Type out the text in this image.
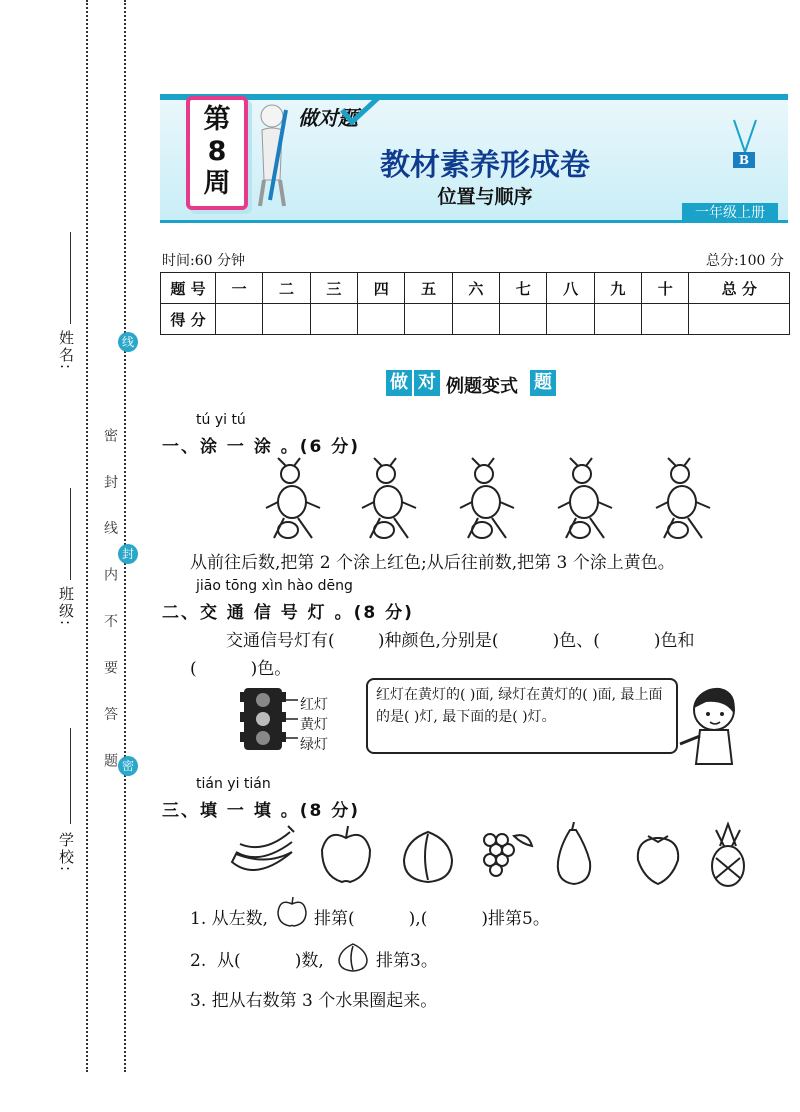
姓名:
班级:
学校:
线
封
密
密 封 线 内 不 要 答 题
第
8
周
做对题
教材素养形成卷
位置与顺序
B
一年级上册
时间:60 分钟	总分:100 分
题 号	一	二	三	四	五	六	七	八	九	十	总 分
得 分											
做 对 例题变式 题
tú yi tú
一、涂 一 涂 。(6 分)
从前往后数,把第 2 个涂上红色;从后往前数,把第 3 个涂上黄色。
jiāo tōng xìn hào dēng
二、交 通 信 号 灯 。(8 分)
交通信号灯有(        )种颜色,分别是(          )色、(          )色和
(          )色。
红灯
黄灯
绿灯
红灯在黄灯的( )面, 绿灯在黄灯的( )面, 最上面的是( )灯, 最下面的是( )灯。
tián yi tián
三、填 一 填 。(8 分)
1. 从左数,	排第(          ),(          )排第5。
2.  从(          )数,	排第3。
3. 把从右数第 3 个水果圈起来。
